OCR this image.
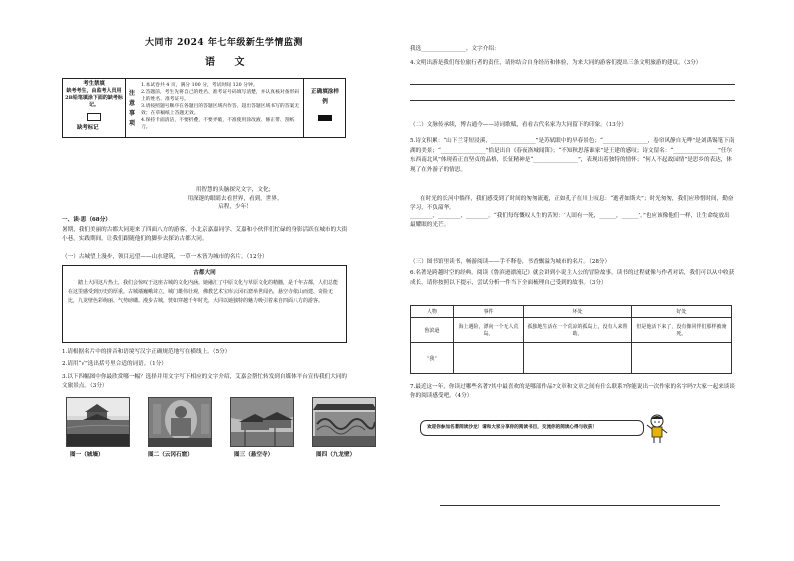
大同市 2024 年七年级新生学情监测
语 文
考生禁填
缺考考生，由监考人员用2B铅笔填涂下面的缺考标记。
缺考标记
注意事项
1.本试卷共 4 页，满分 100 分，考试时间 120 分钟。
2.答题前，考生先将自己的姓名、准考证号码填写清楚，并认真核对条形码上的姓名、准考证号。
3.请按照题号顺序在各题目的答题区域内作答，超出答题区域书写的答案无效；在草稿纸上答题无效。
4.保持卡面清洁，不要折叠，不要弄破，不准使用涂改液、修正带、刮纸刀。
正确填涂样 例
用智慧的头脑探究文字，文化；
用深邃的眼睛去看世界，看到，世界。
启程，少年！
一、读·思（68分）
暑期，我们美丽的古都大同迎来了四面八方的游客，小北京嘉嘉同学、艾嘉和小伙伴们忙碌的身影活跃在城市的大街小巷。实践期间，让我们跟随他们的脚步去探访古都大同。
（一）古城望上漫步，领目远望——山水建筑，一草一木皆为城市的名片。（12分）
古都大同
踏上大同这片热土，我们会惊叹于这座古城的文化内涵。她融汇了中原文化与草原文化的精髓，是千年古都，人们总能在这里感受到历史的厚重。古城墙巍峨耸立，城门雄伟壮观，佛教艺术宝库云冈石窟举世闻名，悬空寺依山而建、奇险无比，九龙壁色彩绚丽、气势磅礴。漫步古城，恍如穿越千年时光，大同以她独特的魅力吸引着来自四面八方的游客。
1.请根据名片中的拼音和语境写汉字正确规范地写在横线上。（5分）
2.请用“√”选出括号里合适的词语。（1分）
3.以下四幅图中你最欣赏哪一幅？选择并用文字写下相应的文字介绍，艾嘉会帮忙转发到自媒体平台宣传我们大同的文旅景点。（3分）
图一（城墙）	图二（云冈石窟）	图三（悬空寺）	图四（九龙壁）
我选________________，文字介绍：
4.文明出游是我们每位旅行者的责任，请你结合自身经历和体验，为来大同的游客们提出三条文明旅游的建议。（3分）
（二）文脉传承续，博古通今——诗词歌赋，看看古代名家为大同留下的印象。（13分）
5.诗文积累：“山下兰芽短浸溪，________________”是苏轼眼中的早春景色；“________________，卷帘风静自无哗”是刘禹锡笔下南湖的美景；“________________”恰是出自《春夜洛城闻笛》；“不知秋思落谁家”是王建的感叹；诗文留名：“________________”任尔东西南北风”体现着正直坚贞的品格，长征精神是“________________”，表现出着独特的情怀；“何人不起故园情”是思乡的表达，体现了在外游子的情思。
在时光的长河中徜徉，我们感受到了时间的匆匆流逝，正如孔子在川上叹息：“逝者如斯夫”；时光匆匆，我们应珍惜时间，勤奋学习，不负韶华。
________，________，________。“我们每每慨叹人生的苦短：‘人固有一死，______，______’。”也应该像他们一样，让生命绽放出最耀眼的光芒。
（三）图书馆里读书，畅游阅读——手不释卷，书香飘溢为城市的名片。（28分）
6.名著是跨越时空的经典。阅读《鲁滨逊漂流记》就会讲到小说主人公的冒险故事，读书的过程就像与作者对话，我们可以从中收获成长。请你按照以下提示，尝试分析一件当下全面梳理自己受到的故事。（3分）
人物	事件	坏处	好处
鲁滨逊	海上遇险，漂向一个无人荒岛。	孤独地生活在一个荒凉的孤岛上，没有人来帮助。	但是他活下来了，没有像同伴们那样被淹死。
“我”			
7.最近这一年，你读过哪些名著?其中最喜欢的是哪部作品?文章和文章之间有什么联系?你能说出一次作家的名字吗?大家一起来谈谈你的阅读感受吧。（4分）
欢迎你参加名著阅读沙龙！请和大家分享你的阅读书目，交流你的阅读心得与收获！
